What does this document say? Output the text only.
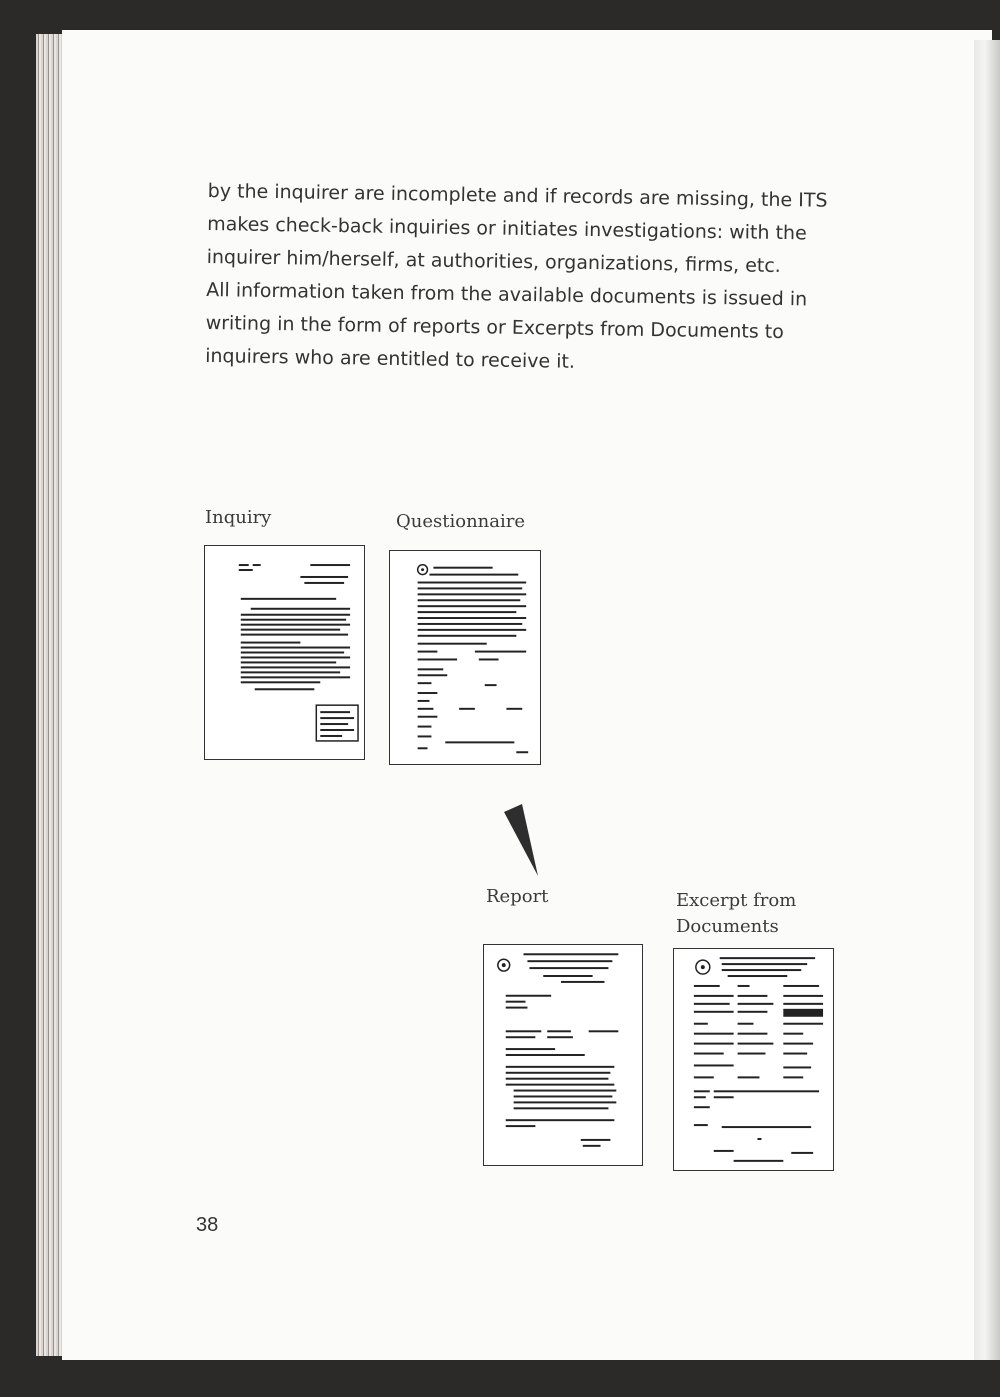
by the inquirer are incomplete and if records are missing, the ITS makes check-back inquiries or initiates investigations: with the inquirer him/herself, at authorities, organizations, firms, etc.

All information taken from the available documents is issued in writing in the form of reports or Excerpts from Documents to inquirers who are entitled to receive it.

Inquiry	Questionnaire
Report	Excerpt from
Documents
38
